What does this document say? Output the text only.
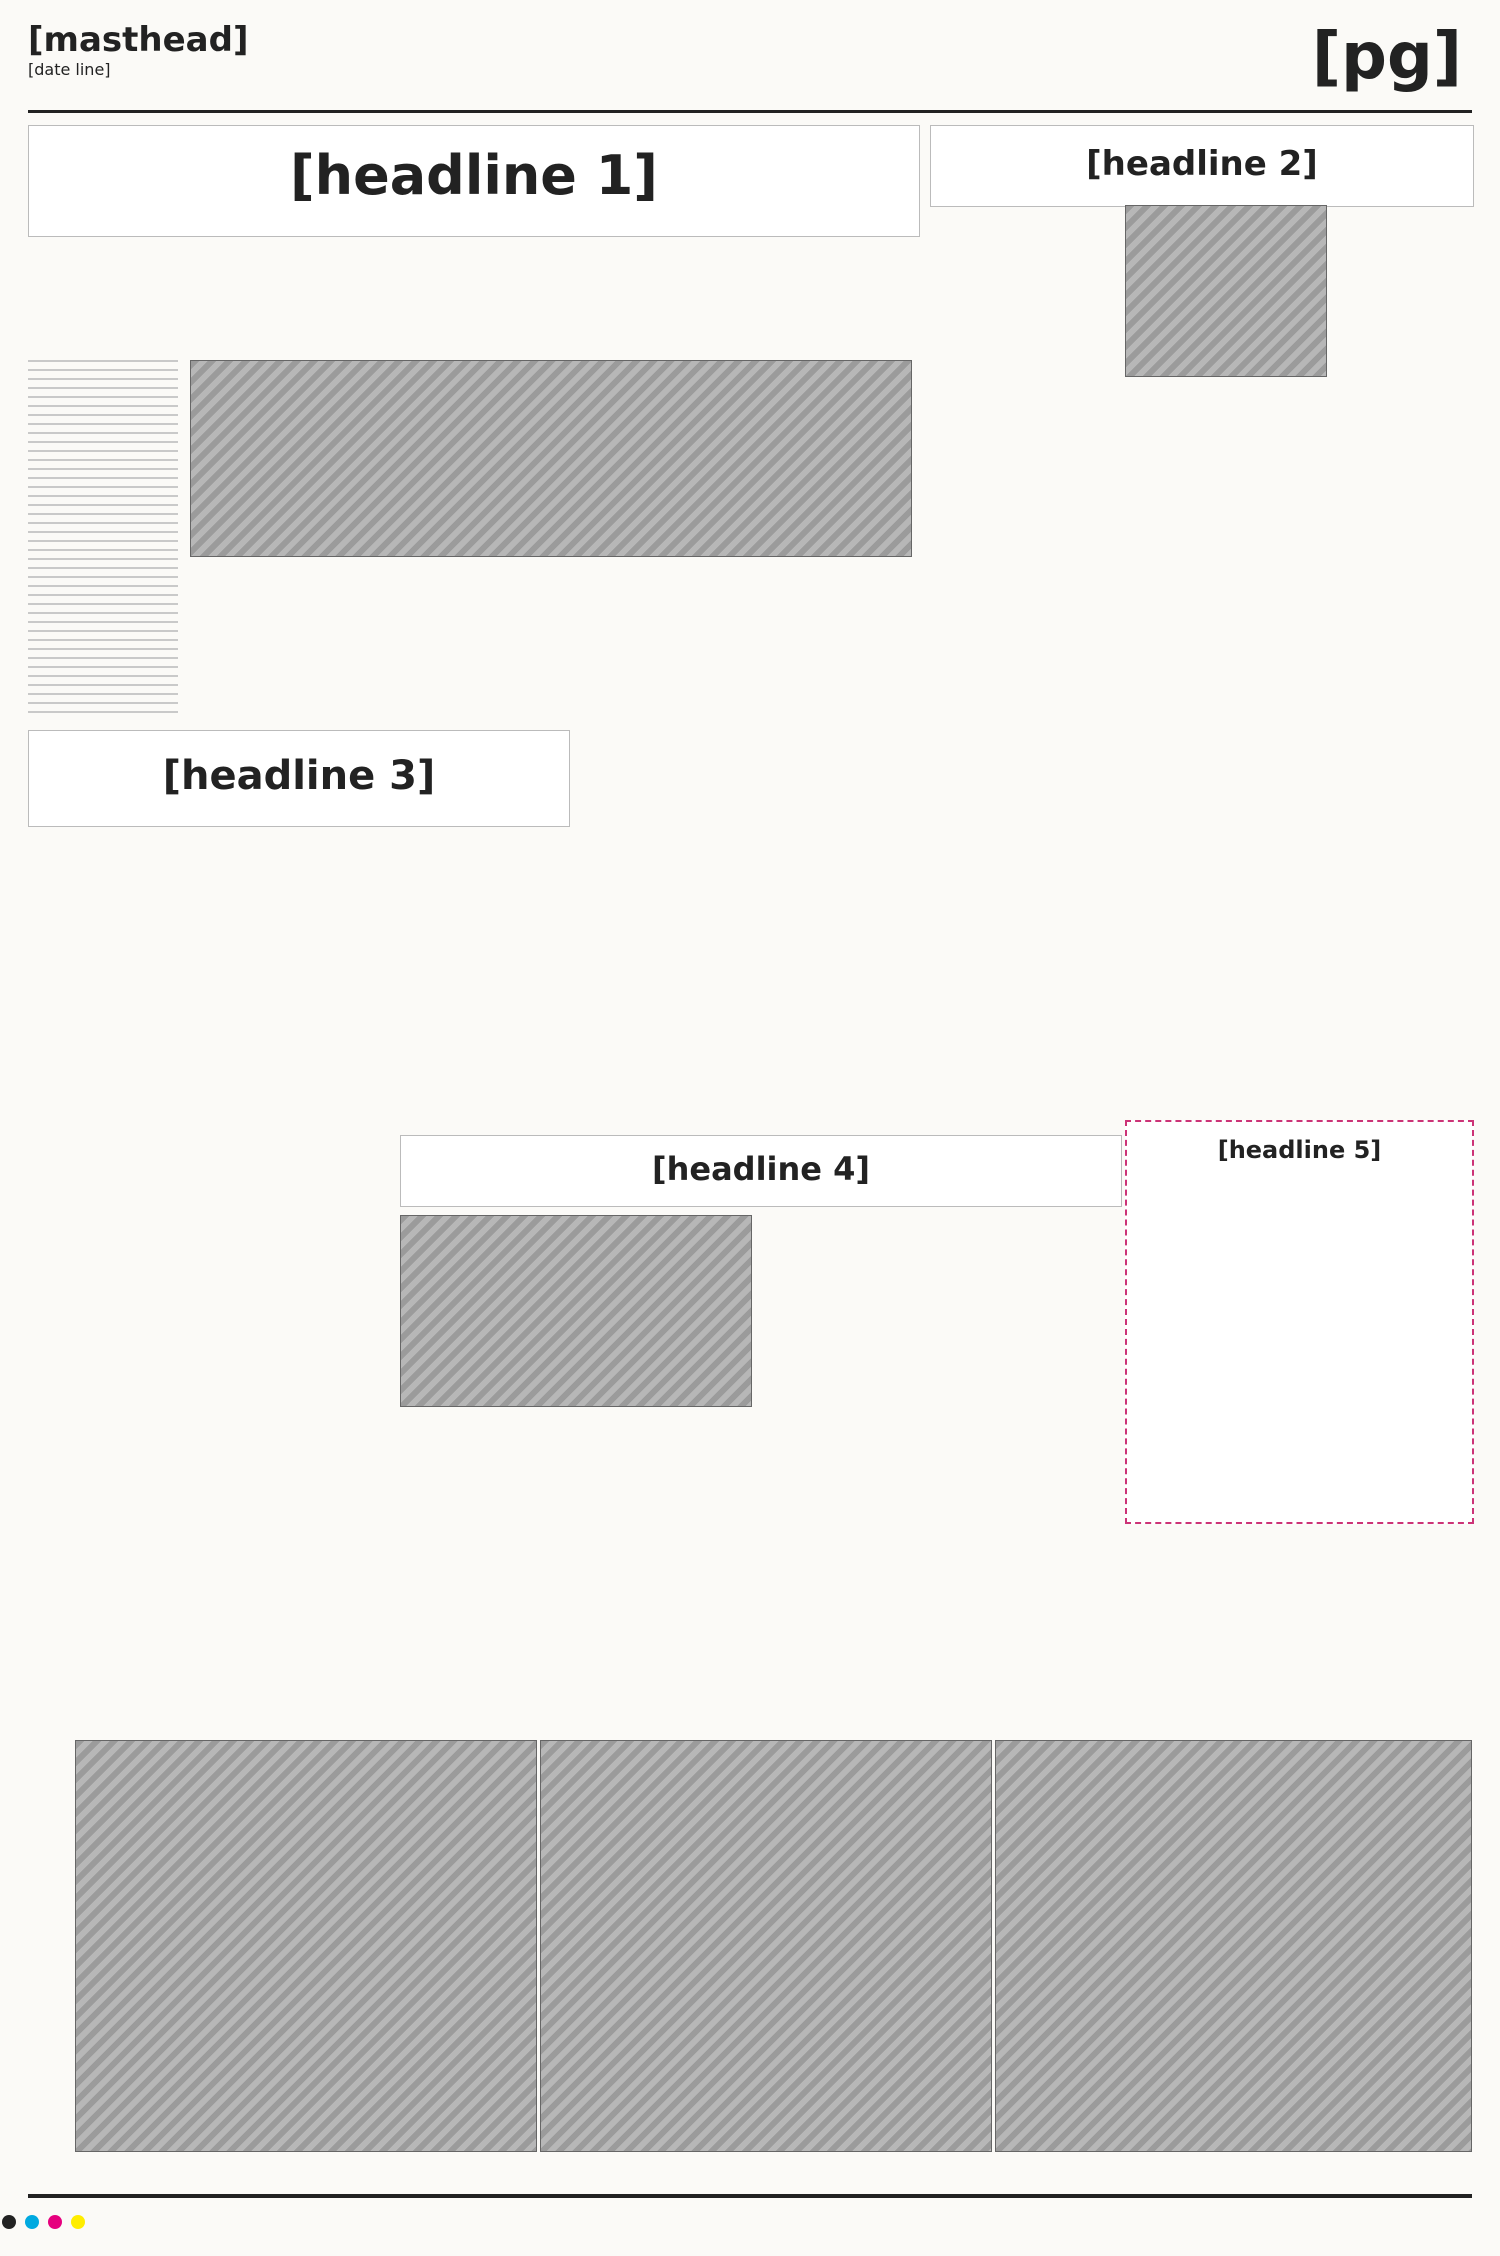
[masthead]
[date line]	[pg]
[headline 1]	[headline 2]
[headline 3]
[headline 4]	[headline 5]
